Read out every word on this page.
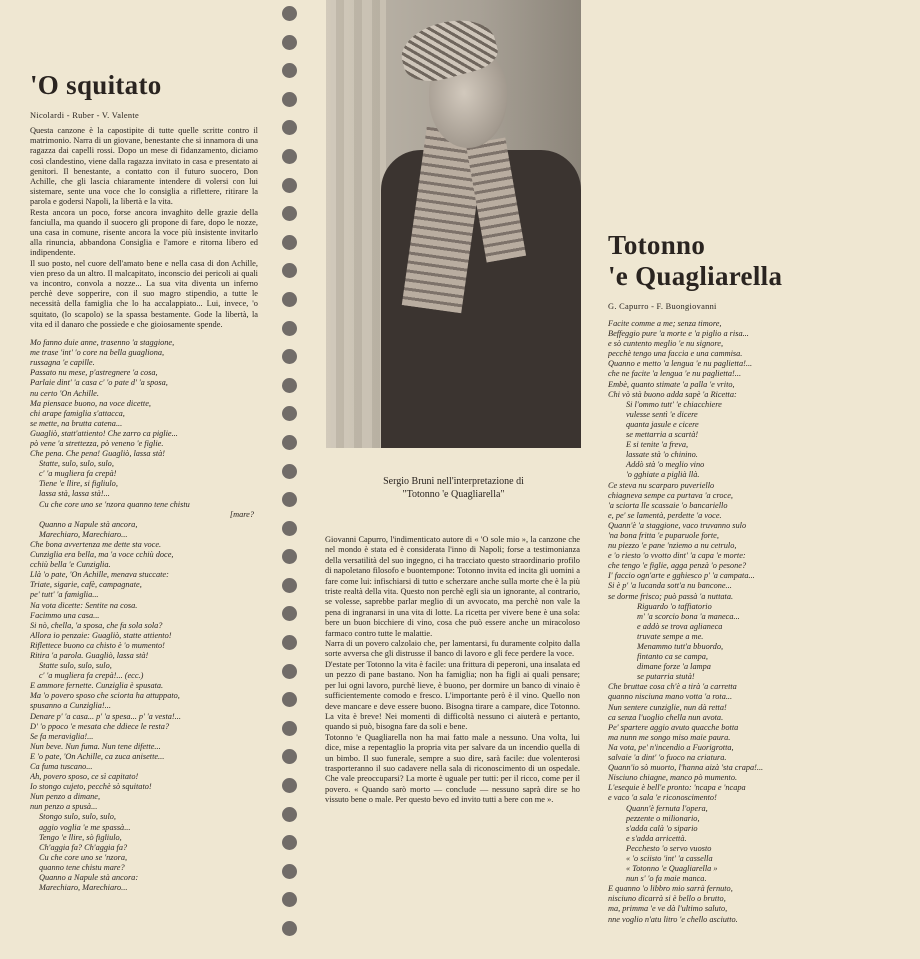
'O squitato
Nicolardi - Ruber - V. Valente

Questa canzone è la capostipite di tutte quelle scritte contro il matrimonio. Narra di un giovane, benestante che si innamora di una ragazza dai capelli rossi. Dopo un mese di fidanzamento, diciamo così clandestino, viene dalla ragazza invitato in casa e presentato ai genitori. Il benestante, a contatto con il futuro suocero, Don Achille, che gli lascia chiaramente intendere di volersi con lui sistemare, sente una voce che lo consiglia a riflettere, ritirare la parola e godersi Napoli, la libertà e la vita.

Resta ancora un poco, forse ancora invaghito delle grazie della fanciulla, ma quando il suocero gli propone di fare, dopo le nozze, una casa in comune, risente ancora la voce più insistente invitarlo alla rinuncia, abbandona Consiglia e l'amore e ritorna libero ed indipendente.

Il suo posto, nel cuore dell'amato bene e nella casa di don Achille, vien preso da un altro. Il malcapitato, inconscio dei pericoli ai quali va incontro, convola a nozze... La sua vita diventa un inferno perchè deve sopperire, con il suo magro stipendio, a tutte le necessità della famiglia che lo ha accalappiato... Lui, invece, 'o squitato, (lo scapolo) se la spassa bestamente. Gode la libertà, la vita ed il danaro che possiede e che gioiosamente spende.

Mo fanno duie anne, trasenno 'a staggione,
me trase 'int' 'o core na bella guagliona,
russagna 'e capille.
Passato nu mese, p'astregnere 'a cosa,
Parlaie dint' 'a casa c' 'o pate d' 'a sposa,
nu certo 'On Achille.
Ma piensace buono, na voce dicette,
chi arape famiglia s'attacca,
se mette, na brutta catena...
Guagliò, statt'attiento! Che zarro ca piglie...
pò vene 'a strettezza, pò veneno 'e figlie.
Che pena. Che pena! Guagliò, lassa stà!
Statte, sulo, sulo, sulo,
c' 'a mugliera fa crepà!
Tiene 'e llire, si figliulo,
lassa stà, lassa stà!...
Cu che core uno se 'nzora quanno tene chistu
[mare?
Quanno a Napule stà ancora,
Marechiaro, Marechiaro...
Che bona avvertenza me dette sta voce.
Cunziglia era bella, ma 'a voce cchiù doce,
cchiù bella 'e Cunziglia.
Llà 'o pate, 'On Achille, menava stuccate:
Triate, sigarie, cafè, campagnate,
pe' tutt' 'a famiglia...
Na vota dicette: Sentite na cosa.
Facimmo una casa...
Si nò, chella, 'a sposa, che fa sola sola?
Allora io penzaie: Guagliò, statte attiento!
Riflettece buono ca chisto è 'o mumento!
Ritira 'a parola. Guagliò, lassa stà!
Statte sulo, sulo, sulo,
c' 'a mugliera fa crepà!... (ecc.)
E ammore fernette. Cunziglia è spusata.
Ma 'o povero sposo che sciorta ha attuppato,
spusanno a Cunziglia!...
Denare p' 'a casa... p' 'a spesa... p' 'a vesta!...
D' 'o ppoco 'e mesata che ddiece le resta?
Se fa meraviglia!...
Nun beve. Nun fuma. Nun tene difette...
E 'o pate, 'On Achille, ca zuca anisette...
Ca fuma tuscano...
Ah, povero sposo, ce sì capitato!
Io stongo cujeto, pecchè sò squitato!
Nun penzo a dimane,
nun penzo a spusà...
Stongo sulo, sulo, sulo,
aggio voglia 'e me spassà...
Tengo 'e llire, sò figliulo,
Ch'aggia fa? Ch'aggia fa?
Cu che core uno se 'nzora,
quanno tene chistu mare?
Quanno a Napule stà ancora:
Marechiaro, Marechiaro...
Sergio Bruni nell'interpretazione di
"Totonno 'e Quagliarella"

Giovanni Capurro, l'indimenticato autore di « 'O sole mio », la canzone che nel mondo è stata ed è considerata l'inno di Napoli; forse a testimonianza della versatilità del suo ingegno, ci ha tracciato questo straordinario profilo di napoletano filosofo e buontempone: Totonno invita ed incita gli uomini a fare come lui: infischiarsi di tutto e scherzare anche sulla morte che è la più triste realtà della vita. Questo non perchè egli sia un ignorante, al contrario, se volesse, saprebbe parlar meglio di un avvocato, ma perchè non vale la pena di ingranarsi in una vita di lotte. La ricetta per vivere bene è una sola: bere un buon bicchiere di vino, cosa che può essere anche un miracoloso farmaco contro tutte le malattie.

Narra di un povero calzolaio che, per lamentarsi, fu duramente colpito dalla sorte avversa che gli distrusse il banco di lavoro e gli fece perdere la voce.

D'estate per Totonno la vita è facile: una frittura di peperoni, una insalata ed un pezzo di pane bastano. Non ha famiglia; non ha figli ai quali pensare; per lui ogni lavoro, purchè lieve, è buono, per dormire un banco di vinaio è sufficientemente comodo e fresco. L'importante però è il vino. Quello non deve mancare e deve essere buono. Bisogna tirare a campare, dice Totonno. La vita è breve! Nei momenti di difficoltà nessuno ci aiuterà e pertanto, quando si può, bisogna fare da soli e bene.

Totonno 'e Quagliarella non ha mai fatto male a nessuno. Una volta, lui dice, mise a repentaglio la propria vita per salvare da un incendio quella di un bimbo. Il suo funerale, sempre a suo dire, sarà facile: due volenterosi trasporteranno il suo cadavere nella sala di riconoscimento di un ospedale. Che vale preoccuparsi? La morte è uguale per tutti: per il ricco, come per il povero. « Quando sarò morto — conclude — nessuno saprà dire se ho vissuto bene o male. Per questo bevo ed invito tutti a bere con me ».

Totonno
'e Quagliarella
G. Capurro - F. Buongiovanni
Facite comme a me; senza timore,
Beffeggio pure 'a morte e 'a piglio a risa...
e sò cuntento meglio 'e nu signore,
pecchè tengo una faccia e una cammisa.
Quanno e metto 'a lengua 'e nu paglietta!...
che ne facite 'a lengua 'e nu paglietta!...
Embè, quanto stimate 'a palla 'e vrito,
Chi vò stà buono adda sapè 'a Ricetta:
Si l'ommo tutt' 'e chiacchiere
vulesse sentì 'e dicere
quanta jasule e cicere
se mettarria a scartà!
E si tenite 'a freva,
lassate stà 'o chinino.
Addò stà 'o meglio vino
'o gghiate a piglià llà.
Ce steva nu scarparo puveriello
chiagneva sempe ca purtava 'a croce,
'a sciorta lle scassaie 'o bancariello
e, pe' se lamentà, perdette 'a voce.
Quann'è 'a staggione, vaco truvanno sulo
'na bona fritta 'e puparuole forte,
nu piezzo 'e pane 'nziemo a nu cetrulo,
e 'o riesto 'o vvotto dint' 'a capa 'e morte:
che tengo 'e figlie, agga penzà 'o pesone?
I' faccio ogn'arte e gghiesco p' 'a campata...
Si è p' 'a lucanda sott'a nu bancone...
se dorme frisco; può passà 'a nuttata.
Riguardo 'o taffiatorio
m' 'a scorcio bona 'a maneca...
e addò se trova aglianeca
truvate sempe a me.
Menammo tutt'a bbuordo,
fintanto ca se campa,
dimane forze 'a lampa
se putarria stutà!
Che bruttae cosa ch'è a tirà 'a carretta
quanno nisciuna mano votta 'a rota...
Nun sentere cunziglie, nun dà retta!
ca senza l'uoglio chella nun avota.
Pe' spartere aggio avuto quacche botta
ma nunn me songo miso maie paura.
Na vota, pe' n'incendio a Fuorigrotta,
salvaie 'a dint' 'o fuoco na criatura.
Quann'io sò muorto, l'hanna aizà 'sta crapa!...
Nisciuno chiagne, manco pò mumento.
L'esequie è bell'e pronto: 'ncapa e 'ncapa
e vaco 'a sala 'e riconoscimento!
Quann'è fernuta l'opera,
pezzente o milionario,
s'adda calà 'o sipario
e s'adda arricettà.
Pecchesto 'o servo vuosto
« 'o sciisto 'int' 'a cassella
« Totonno 'e Quagliarella »
nun s' 'o fa maie manca.
E quanno 'o libbro mio sarrà fernuto,
nisciuno dicarrà si è bello o brutto,
ma, primma 'e ve dà l'ultimo saluto,
nne voglio n'atu litro 'e chello asciutto.
